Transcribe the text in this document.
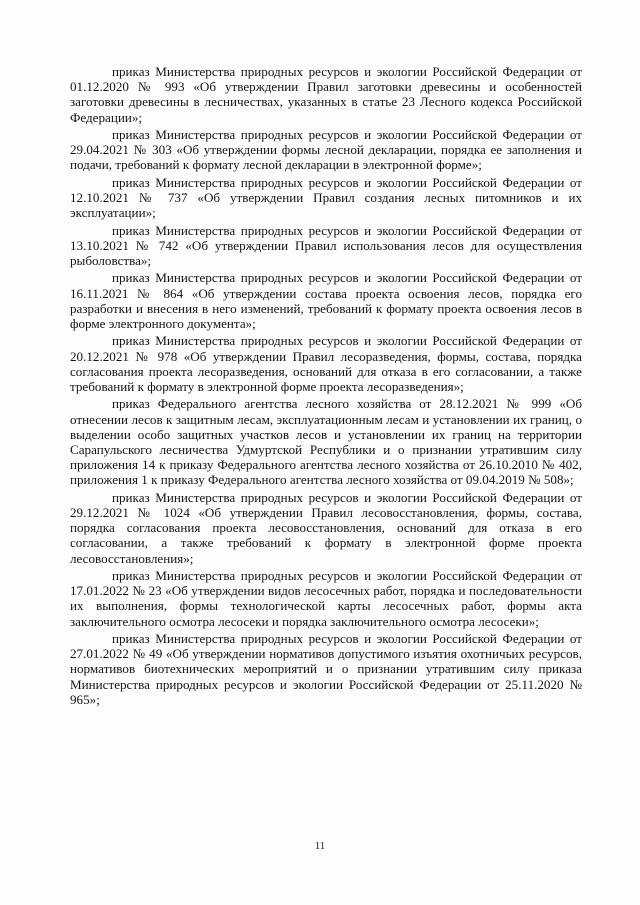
приказ Министерства природных ресурсов и экологии Российской Федерации от 01.12.2020 № 993 «Об утверждении Правил заготовки древесины и особенностей заготовки древесины в лесничествах, указанных в статье 23 Лесного кодекса Российской Федерации»;

приказ Министерства природных ресурсов и экологии Российской Федерации от 29.04.2021 № 303 «Об утверждении формы лесной декларации, порядка ее заполнения и подачи, требований к формату лесной декларации в электронной форме»;

приказ Министерства природных ресурсов и экологии Российской Федерации от 12.10.2021 № 737 «Об утверждении Правил создания лесных питомников и их эксплуатации»;

приказ Министерства природных ресурсов и экологии Российской Федерации от 13.10.2021 № 742 «Об утверждении Правил использования лесов для осуществления рыболовства»;

приказ Министерства природных ресурсов и экологии Российской Федерации от 16.11.2021 № 864 «Об утверждении состава проекта освоения лесов, порядка его разработки и внесения в него изменений, требований к формату проекта освоения лесов в форме электронного документа»;

приказ Министерства природных ресурсов и экологии Российской Федерации от 20.12.2021 № 978 «Об утверждении Правил лесоразведения, формы, состава, порядка согласования проекта лесоразведения, оснований для отказа в его согласовании, а также требований к формату в электронной форме проекта лесоразведения»;

приказ Федерального агентства лесного хозяйства от 28.12.2021 № 999 «Об отнесении лесов к защитным лесам, эксплуатационным лесам и установлении их границ, о выделении особо защитных участков лесов и установлении их границ на территории Сарапульского лесничества Удмуртской Республики и о признании утратившим силу приложения 14 к приказу Федерального агентства лесного хозяйства от 26.10.2010 № 402, приложения 1 к приказу Федерального агентства лесного хозяйства от 09.04.2019 № 508»;

приказ Министерства природных ресурсов и экологии Российской Федерации от 29.12.2021 № 1024 «Об утверждении Правил лесовосстановления, формы, состава, порядка согласования проекта лесовосстановления, оснований для отказа в его согласовании, а также требований к формату в электронной форме проекта лесовосстановления»;

приказ Министерства природных ресурсов и экологии Российской Федерации от 17.01.2022 № 23 «Об утверждении видов лесосечных работ, порядка и последовательности их выполнения, формы технологической карты лесосечных работ, формы акта заключительного осмотра лесосеки и порядка заключительного осмотра лесосеки»;

приказ Министерства природных ресурсов и экологии Российской Федерации от 27.01.2022 № 49 «Об утверждении нормативов допустимого изъятия охотничьих ресурсов, нормативов биотехнических мероприятий и о признании утратившим силу приказа Министерства природных ресурсов и экологии Российской Федерации от 25.11.2020 № 965»;

11
